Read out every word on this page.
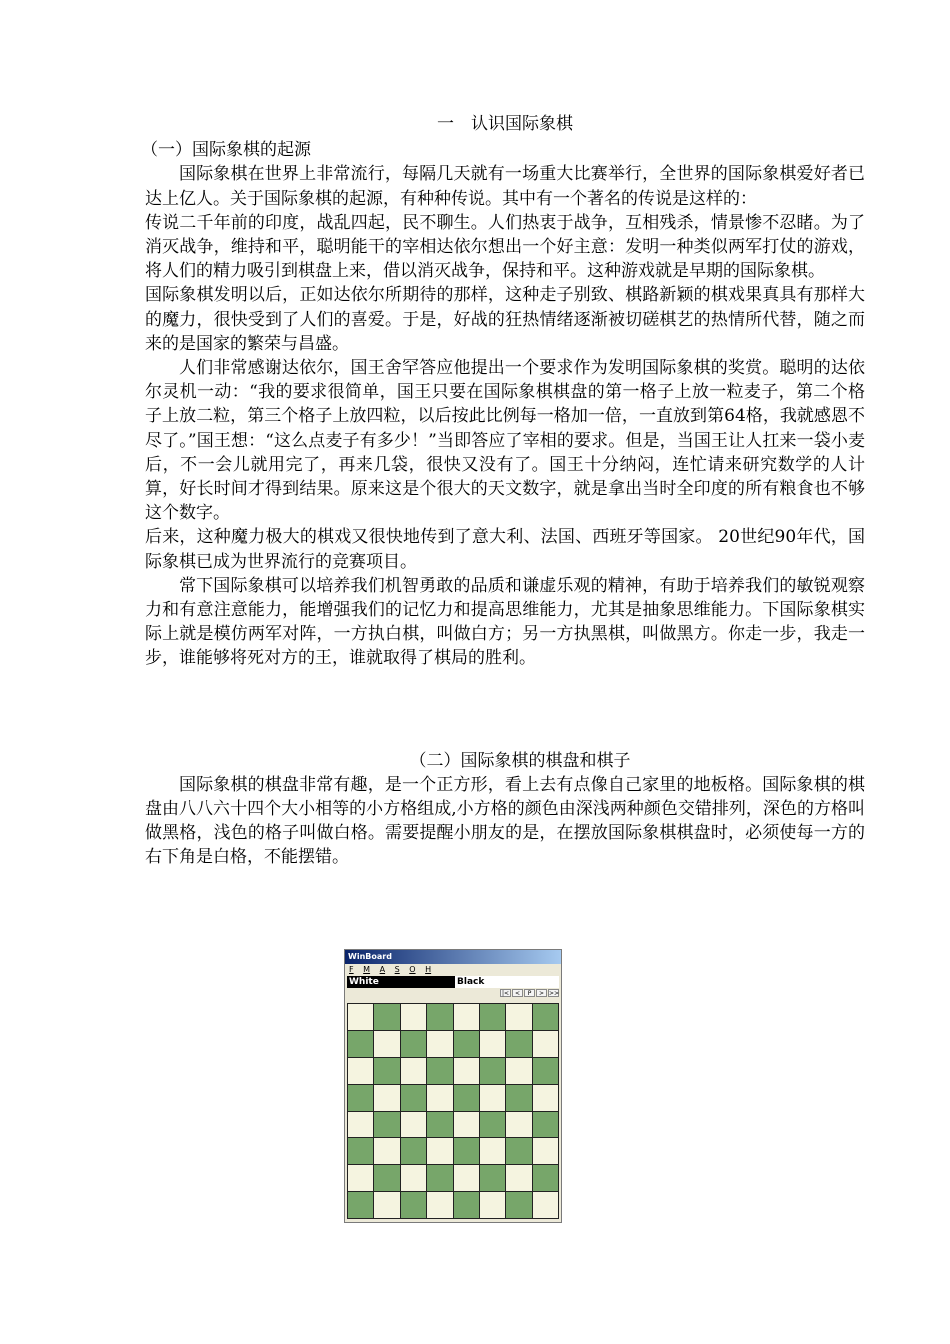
一　认识国际象棋

（一）国际象棋的起源

国际象棋在世界上非常流行，每隔几天就有一场重大比赛举行，全世界的国际象棋爱好者已达上亿人。关于国际象棋的起源，有种种传说。其中有一个著名的传说是这样的：

传说二千年前的印度，战乱四起，民不聊生。人们热衷于战争，互相残杀，情景惨不忍睹。为了消灭战争，维持和平，聪明能干的宰相达依尔想出一个好主意：发明一种类似两军打仗的游戏，将人们的精力吸引到棋盘上来，借以消灭战争，保持和平。这种游戏就是早期的国际象棋。

国际象棋发明以后，正如达依尔所期待的那样，这种走子别致、棋路新颖的棋戏果真具有那样大的魔力，很快受到了人们的喜爱。于是，好战的狂热情绪逐渐被切磋棋艺的热情所代替，随之而来的是国家的繁荣与昌盛。

人们非常感谢达依尔，国王舍罕答应他提出一个要求作为发明国际象棋的奖赏。聪明的达依尔灵机一动：“我的要求很简单，国王只要在国际象棋棋盘的第一格子上放一粒麦子，第二个格子上放二粒，第三个格子上放四粒，以后按此比例每一格加一倍，一直放到第64格，我就感恩不尽了。”国王想：“这么点麦子有多少！”当即答应了宰相的要求。但是，当国王让人扛来一袋小麦后，不一会儿就用完了，再来几袋，很快又没有了。国王十分纳闷，连忙请来研究数学的人计算，好长时间才得到结果。原来这是个很大的天文数字，就是拿出当时全印度的所有粮食也不够这个数字。

后来，这种魔力极大的棋戏又很快地传到了意大利、法国、西班牙等国家。 20世纪90年代，国际象棋已成为世界流行的竞赛项目。

常下国际象棋可以培养我们机智勇敢的品质和谦虚乐观的精神，有助于培养我们的敏锐观察力和有意注意能力，能增强我们的记忆力和提高思维能力，尤其是抽象思维能力。下国际象棋实际上就是模仿两军对阵，一方执白棋，叫做白方；另一方执黑棋，叫做黑方。你走一步，我走一步，谁能够将死对方的王，谁就取得了棋局的胜利。

（二）国际象棋的棋盘和棋子

国际象棋的棋盘非常有趣，是一个正方形，看上去有点像自己家里的地板格。国际象棋的棋盘由八八六十四个大小相等的小方格组成,小方格的颜色由深浅两种颜色交错排列，深色的方格叫做黑格，浅色的格子叫做白格。需要提醒小朋友的是，在摆放国际象棋棋盘时，必须使每一方的右下角是白格，不能摆错。

WinBoard
F M A S O H
White	Black
|< <	P	> >>
